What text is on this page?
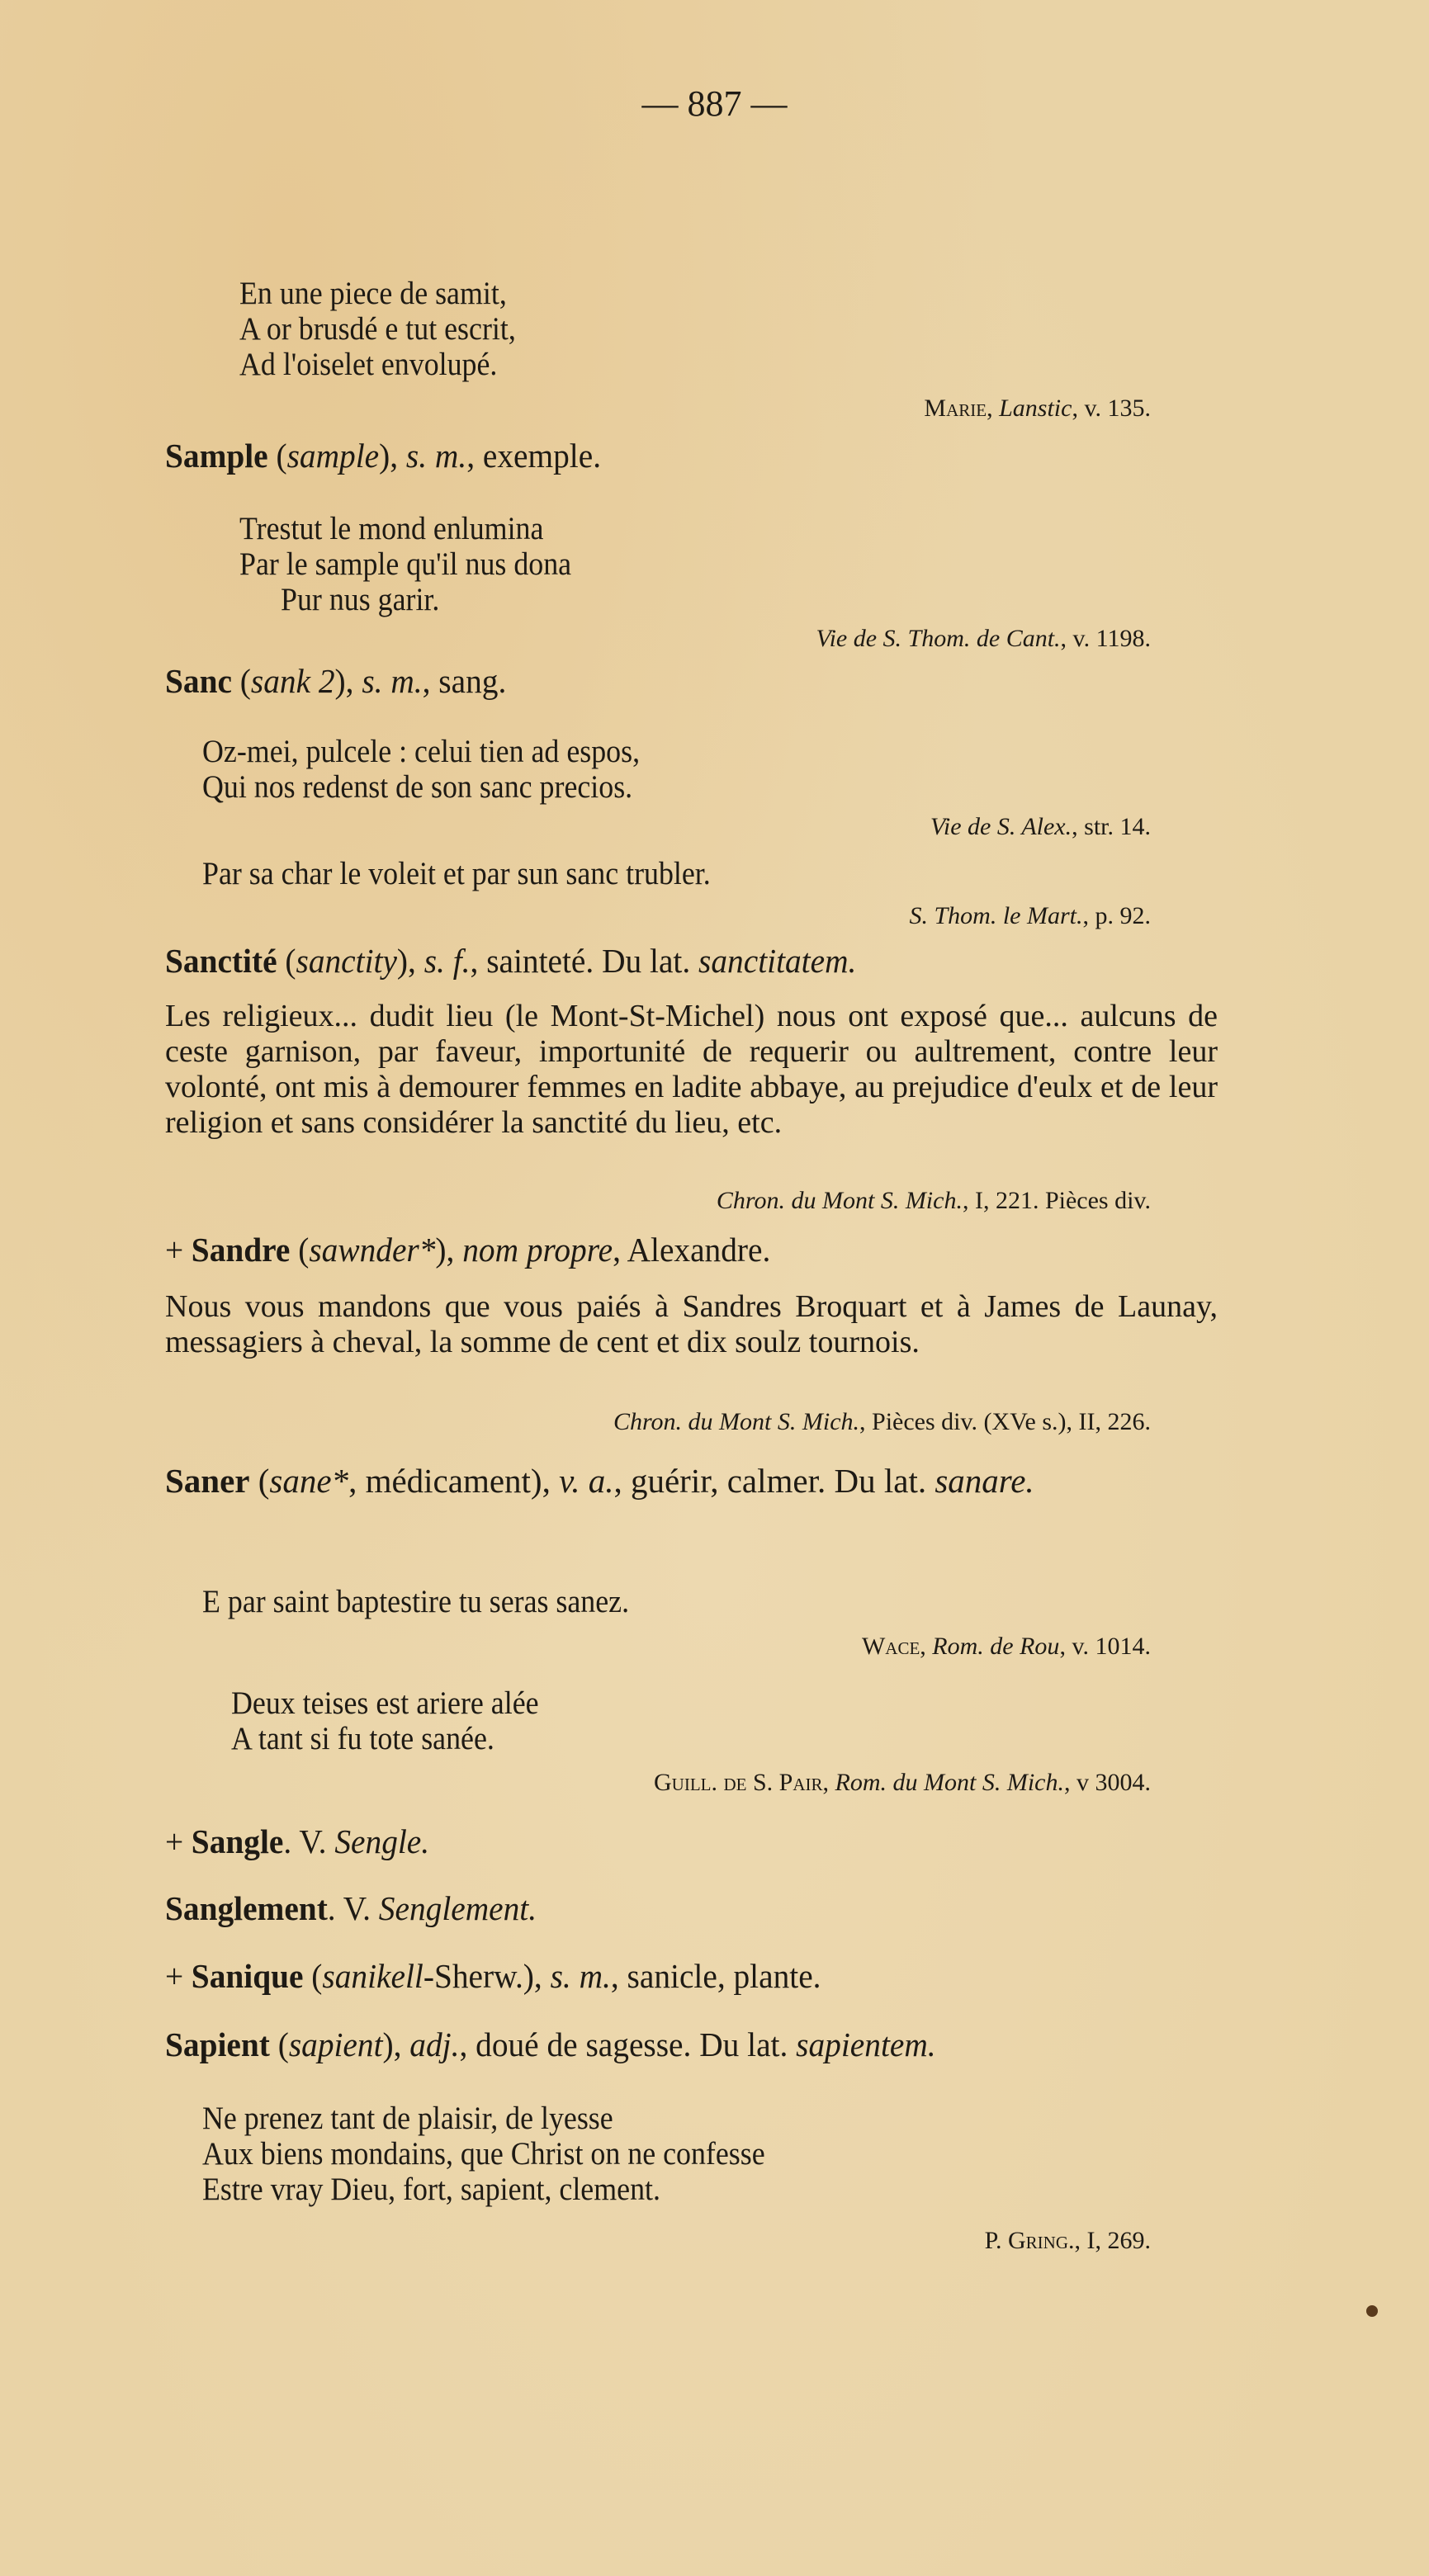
— 887 —
En une piece de samit,
A or brusdé e tut escrit,
Ad l'oiselet envolupé.
Marie, Lanstic, v. 135.
Sample (sample), s. m., exemple.
Trestut le mond enlumina
Par le sample qu'il nus dona
Pur nus garir.
Vie de S. Thom. de Cant., v. 1198.
Sanc (sank 2), s. m., sang.
Oz-mei, pulcele : celui tien ad espos,
Qui nos redenst de son sanc precios.
Vie de S. Alex., str. 14.
Par sa char le voleit et par sun sanc trubler.
S. Thom. le Mart., p. 92.
Sanctité (sanctity), s. f., sainteté. Du lat. sanctitatem.

Les religieux... dudit lieu (le Mont-St-Michel) nous ont exposé que... aulcuns de ceste garnison, par faveur, importunité de requerir ou aultrement, contre leur volonté, ont mis à demourer femmes en ladite abbaye, au prejudice d'eulx et de leur religion et sans considérer la sanctité du lieu, etc.

Chron. du Mont S. Mich., I, 221. Pièces div.
+ Sandre (sawnder*), nom propre, Alexandre.

Nous vous mandons que vous paiés à Sandres Broquart et à James de Launay, messagiers à cheval, la somme de cent et dix soulz tournois.

Chron. du Mont S. Mich., Pièces div. (XVe s.), II, 226.
Saner (sane*, médicament), v. a., guérir, calmer. Du lat. sanare.
E par saint baptestire tu seras sanez.
Wace, Rom. de Rou, v. 1014.
Deux teises est ariere alée
A tant si fu tote sanée.
Guill. de S. Pair, Rom. du Mont S. Mich., v 3004.
+ Sangle. V. Sengle.
Sanglement. V. Senglement.
+ Sanique (sanikell-Sherw.), s. m., sanicle, plante.
Sapient (sapient), adj., doué de sagesse. Du lat. sapientem.
Ne prenez tant de plaisir, de lyesse
Aux biens mondains, que Christ on ne confesse
Estre vray Dieu, fort, sapient, clement.
P. Gring., I, 269.
